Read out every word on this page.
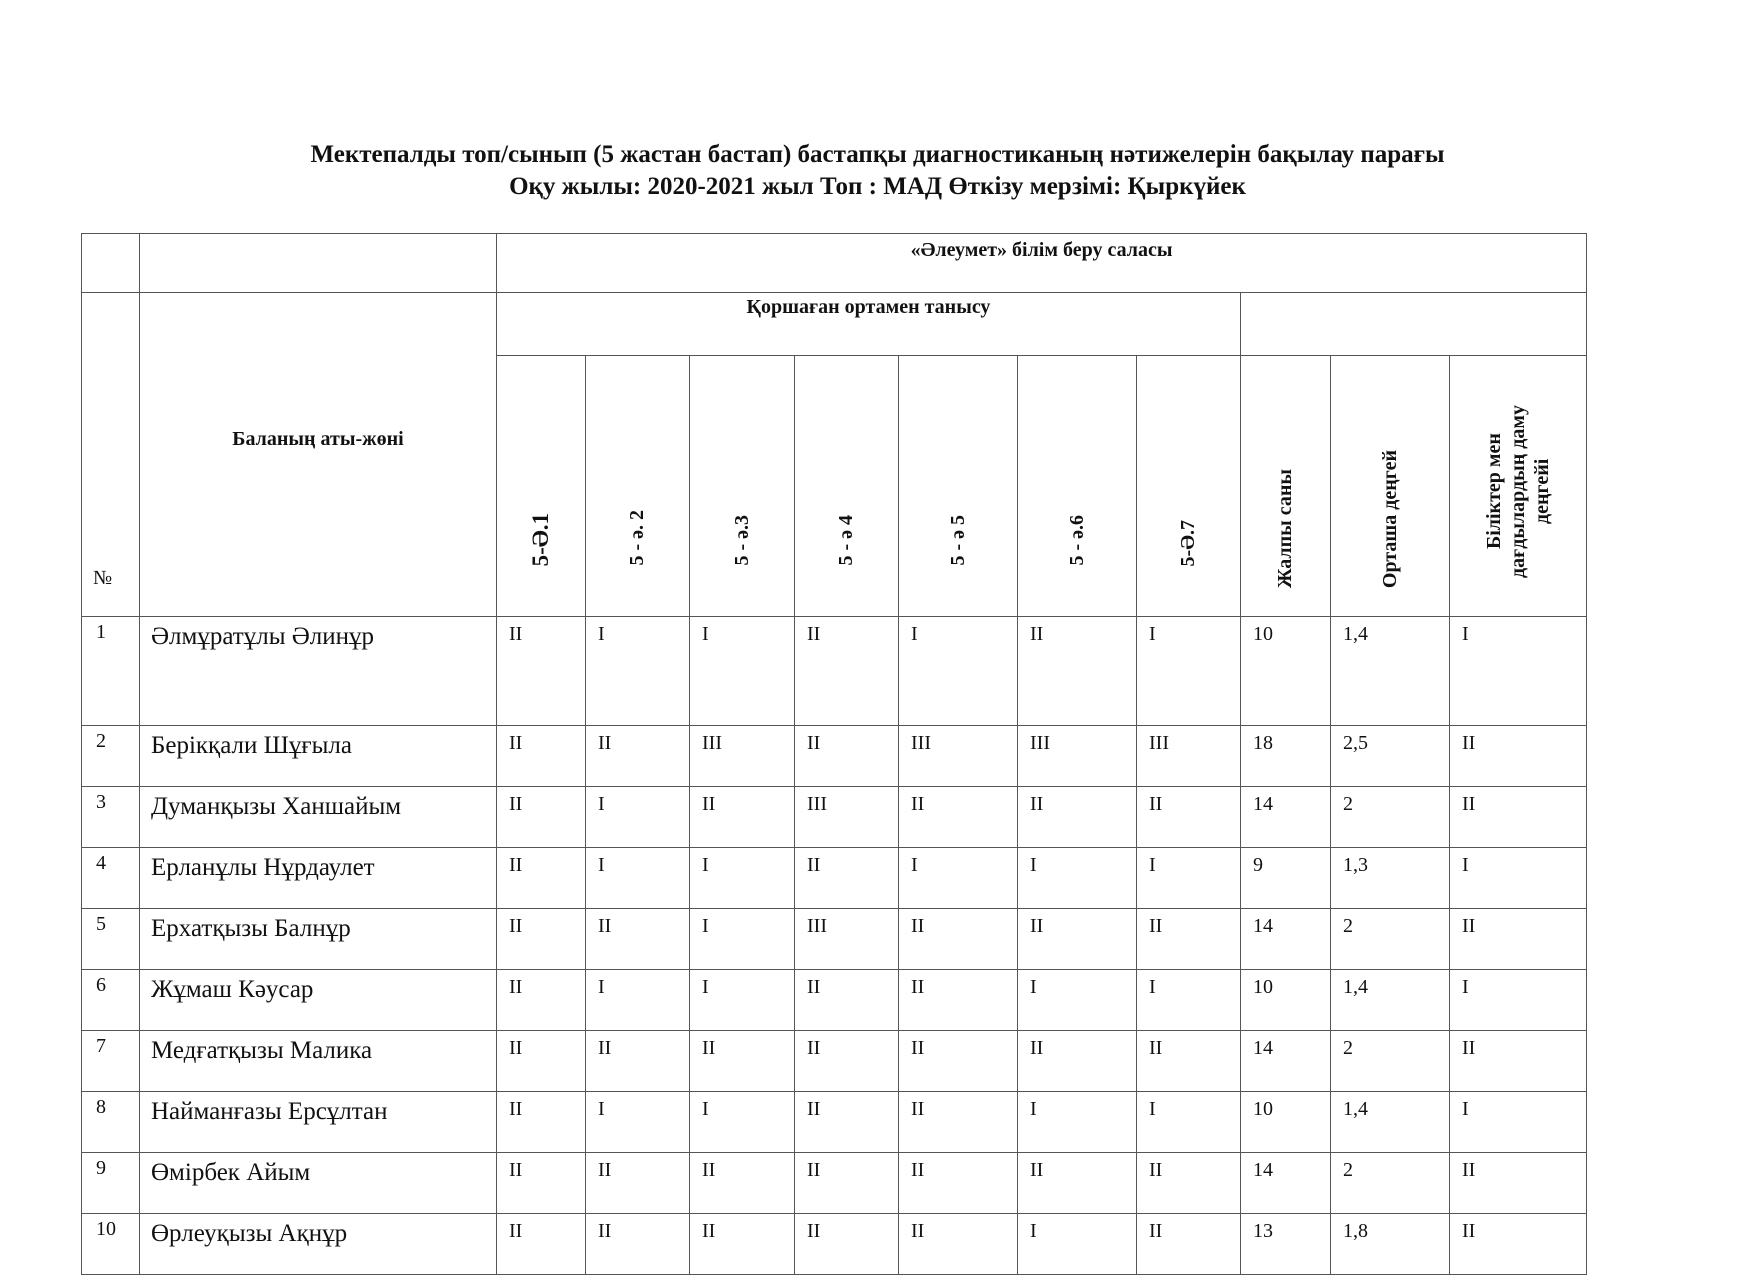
Мектепалды топ/сынып (5 жастан бастап) бастапқы диагностиканың нәтижелерін бақылау парағы
Оқу жылы: 2020-2021 жыл Топ : МАД Өткізу мерзімі: Қыркүйек
		«Әлеумет» білім беру саласы									
№	Баланың аты-жөні	Қоршаған ортамен танысу									

		5-Ә.1	5 - ә. 2	5 - ә.3	5 - ә 4	5 - ә 5	5 - ә.6	5-Ә.7	Жалпы саны	Орташа деңгей	Біліктер мен дағдылардың даму деңгейі

1	Әлмұратұлы Әлинұр	II	I	I	II	I	II	I	10	1,4	I
2	Берікқали Шұғыла	II	II	III	II	III	III	III	18	2,5	II
3	Думанқызы Ханшайым	II	I	II	III	II	II	II	14	2	II
4	Ерланұлы Нұрдаулет	II	I	I	II	I	I	I	9	1,3	I
5	Ерхатқызы Балнұр	II	II	I	III	II	II	II	14	2	II
6	Жұмаш Кәусар	II	I	I	II	II	I	I	10	1,4	I
7	Медғатқызы Малика	II	II	II	II	II	II	II	14	2	II
8	Найманғазы Ерсұлтан	II	I	I	II	II	I	I	10	1,4	I
9	Өмірбек Айым	II	II	II	II	II	II	II	14	2	II
10	Өрлеуқызы Ақнұр	II	II	II	II	II	I	II	13	1,8	II
